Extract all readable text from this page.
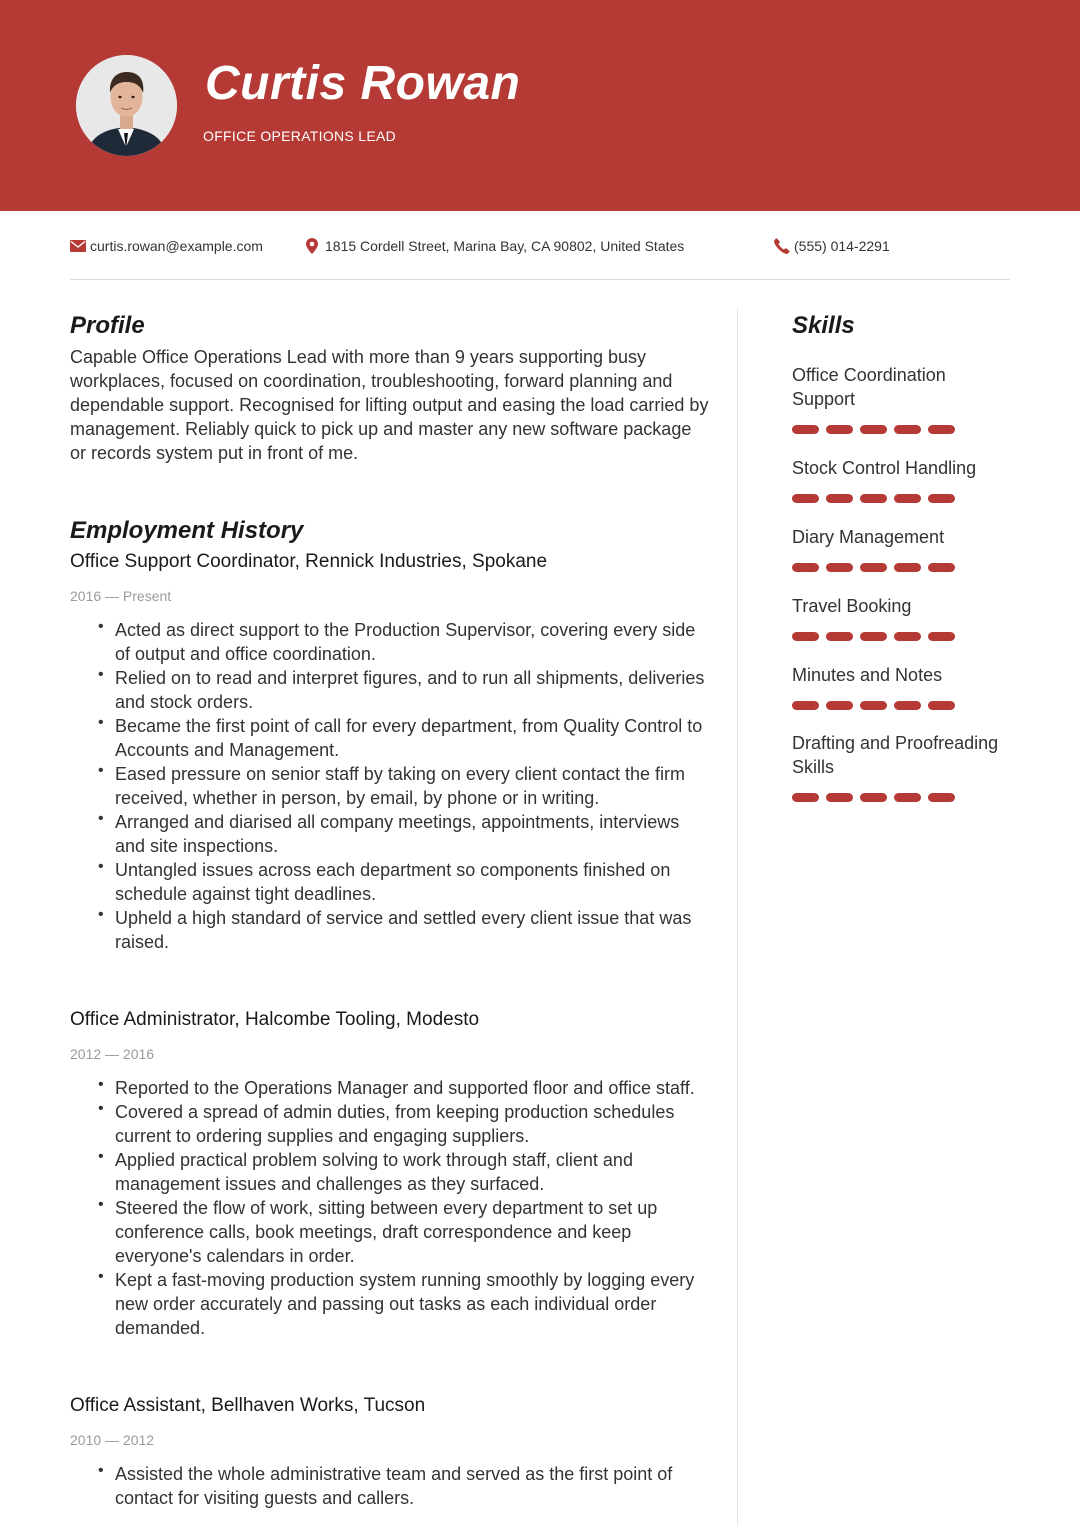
Curtis Rowan
OFFICE OPERATIONS LEAD
curtis.rowan@example.com	1815 Cordell Street, Marina Bay, CA 90802, United States	(555) 014-2291
Profile

Capable Office Operations Lead with more than 9 years supporting busy workplaces, focused on coordination, troubleshooting, forward planning and dependable support. Recognised for lifting output and easing the load carried by management. Reliably quick to pick up and master any new software package or records system put in front of me.

Employment History
Office Support Coordinator, Rennick Industries, Spokane
2016 — Present
• Acted as direct support to the Production Supervisor, covering every side of output and office coordination.
• Relied on to read and interpret figures, and to run all shipments, deliveries and stock orders.
• Became the first point of call for every department, from Quality Control to Accounts and Management.
• Eased pressure on senior staff by taking on every client contact the firm received, whether in person, by email, by phone or in writing.
• Arranged and diarised all company meetings, appointments, interviews and site inspections.
• Untangled issues across each department so components finished on schedule against tight deadlines.
• Upheld a high standard of service and settled every client issue that was raised.
Office Administrator, Halcombe Tooling, Modesto
2012 — 2016
• Reported to the Operations Manager and supported floor and office staff.
• Covered a spread of admin duties, from keeping production schedules current to ordering supplies and engaging suppliers.
• Applied practical problem solving to work through staff, client and management issues and challenges as they surfaced.
• Steered the flow of work, sitting between every department to set up conference calls, book meetings, draft correspondence and keep everyone's calendars in order.
• Kept a fast-moving production system running smoothly by logging every new order accurately and passing out tasks as each individual order demanded.
Office Assistant, Bellhaven Works, Tucson
2010 — 2012
• Assisted the whole administrative team and served as the first point of contact for visiting guests and callers.
Skills
Office Coordination Support
Stock Control Handling
Diary Management
Travel Booking
Minutes and Notes
Drafting and Proofreading Skills
